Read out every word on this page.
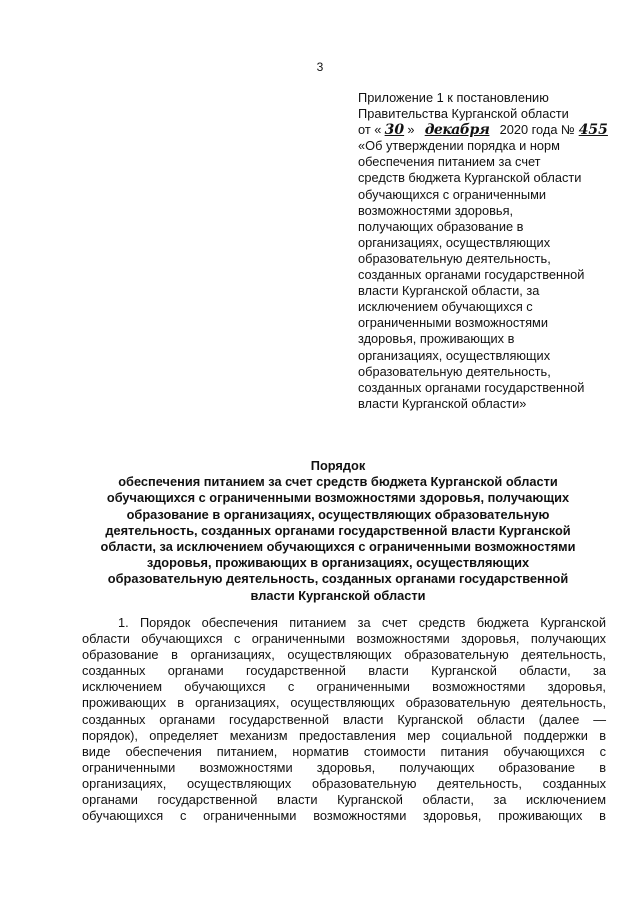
3
Приложение 1 к постановлению
Правительства Курганской области
от « 30 » декабря 2020 года № 455
«Об утверждении порядка и норм
обеспечения питанием за счет
средств бюджета Курганской области
обучающихся с ограниченными
возможностями здоровья,
получающих образование в
организациях, осуществляющих
образовательную деятельность,
созданных органами государственной
власти Курганской области, за
исключением обучающихся с
ограниченными возможностями
здоровья, проживающих в
организациях, осуществляющих
образовательную деятельность,
созданных органами государственной
власти Курганской области»
Порядок
обеспечения питанием за счет средств бюджета Курганской области
обучающихся с ограниченными возможностями здоровья, получающих
образование в организациях, осуществляющих образовательную
деятельность, созданных органами государственной власти Курганской
области, за исключением обучающихся с ограниченными возможностями
здоровья, проживающих в организациях, осуществляющих
образовательную деятельность, созданных органами государственной
власти Курганской области
1. Порядок обеспечения питанием за счет средств бюджета Курганской
области обучающихся с ограниченными возможностями здоровья, получающих
образование в организациях, осуществляющих образовательную деятельность,
созданных органами государственной власти Курганской области, за
исключением обучающихся с ограниченными возможностями здоровья,
проживающих в организациях, осуществляющих образовательную деятельность,
созданных органами государственной власти Курганской области (далее —
порядок), определяет механизм предоставления мер социальной поддержки в
виде обеспечения питанием, норматив стоимости питания обучающихся с
ограниченными возможностями здоровья, получающих образование в
организациях, осуществляющих образовательную деятельность, созданных
органами государственной власти Курганской области, за исключением
обучающихся с ограниченными возможностями здоровья, проживающих в
